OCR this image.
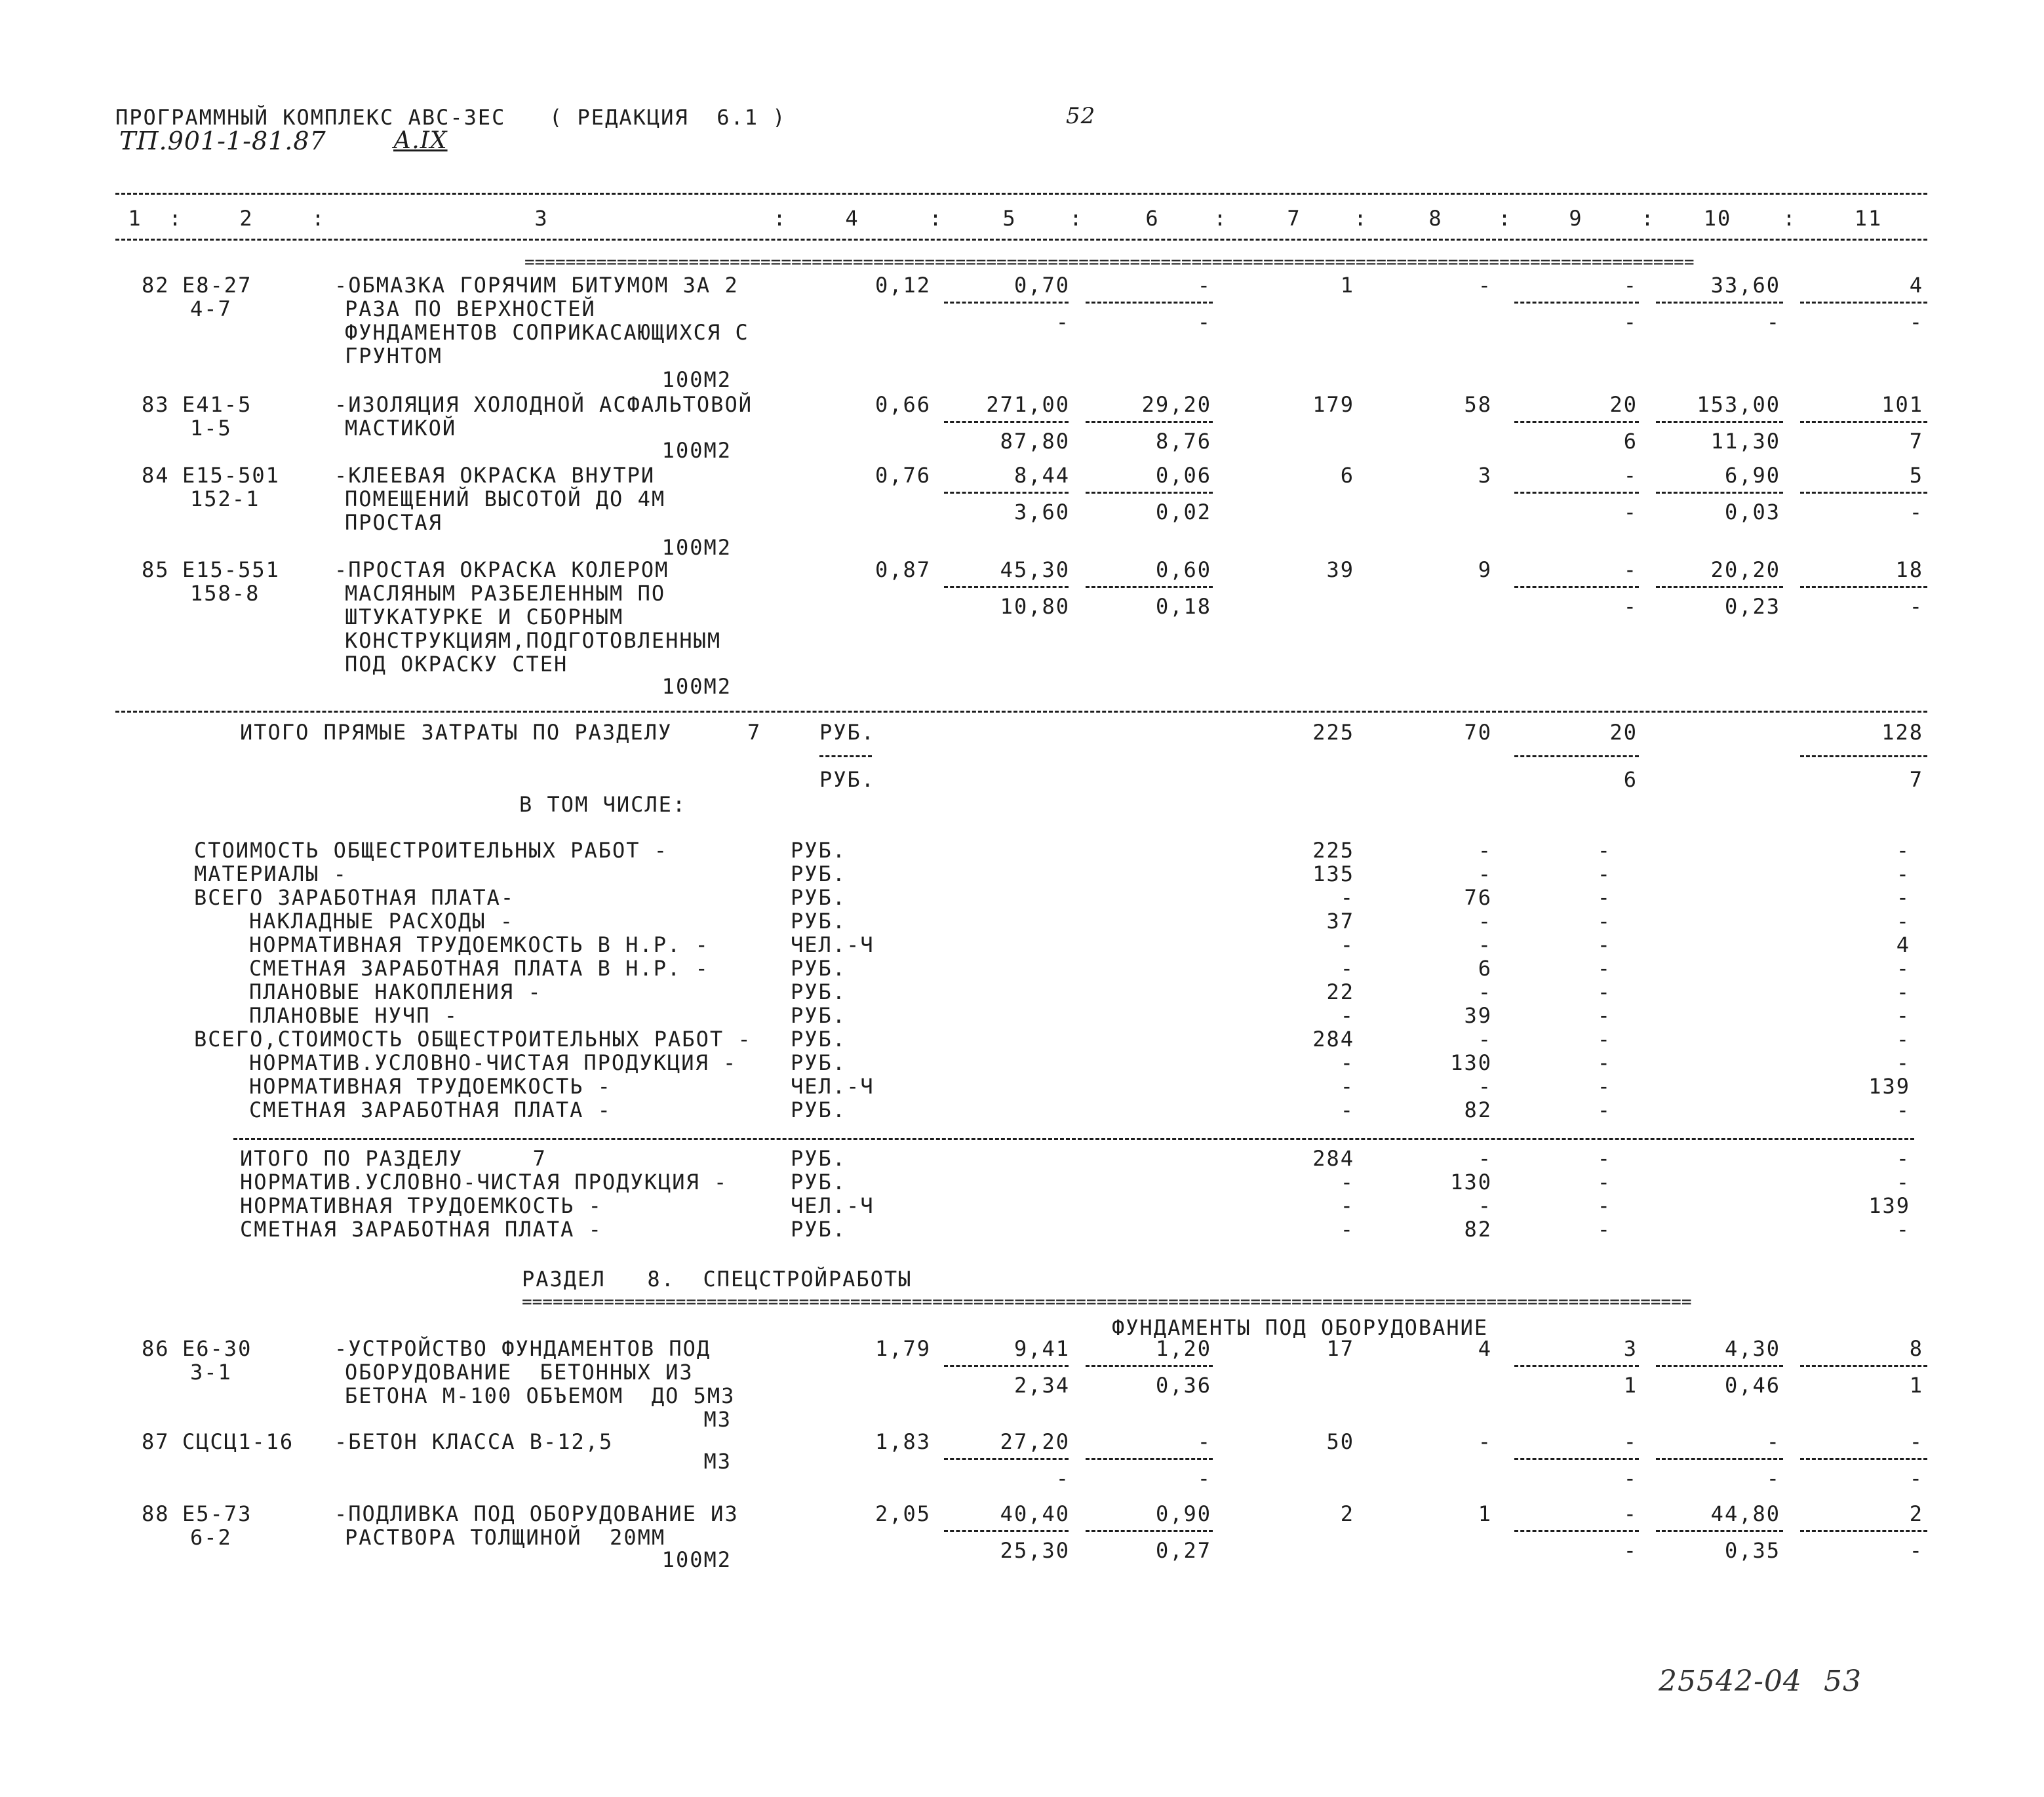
ПРОГРАММНЫЙ КОМПЛЕКС АВС-3ЕС ( РЕДАКЦИЯ  6.1 )	52
ТП.901-1-81.87	А.IX
1	:	2	:	3	:	4	:	5	:	6	:	7	:	8	:	9	:	10	:	11
==================================================================================================================
82 Е8-27
4-7
-ОБМАЗКА ГОРЯЧИМ БИТУМОМ ЗА 2
РАЗА ПО ВЕРХНОСТЕЙ
ФУНДАМЕНТОВ СОПРИКАСАЮЩИХСЯ С
ГРУНТОМ
0,12	0,70	-	1	-	-	33,60	4
-	-	-	-	-
100М2
83 Е41-5
1-5
-ИЗОЛЯЦИЯ ХОЛОДНОЙ АСФАЛЬТОВОЙ
МАСТИКОЙ
0,66	271,00	29,20	179	58	20	153,00	101
87,80	8,76	6	11,30	7
100М2
84 Е15-501
152-1
-КЛЕЕВАЯ ОКРАСКА ВНУТРИ
ПОМЕЩЕНИЙ ВЫСОТОЙ ДО 4М
ПРОСТАЯ
0,76	8,44	0,06	6	3	-	6,90	5
3,60	0,02	-	0,03	-
100М2
85 Е15-551
158-8
-ПРОСТАЯ ОКРАСКА КОЛЕРОМ
МАСЛЯНЫМ РАЗБЕЛЕННЫМ ПО
ШТУКАТУРКЕ И СБОРНЫМ
КОНСТРУКЦИЯМ,ПОДГОТОВЛЕННЫМ
ПОД ОКРАСКУ СТЕН
0,87	45,30	0,60	39	9	-	20,20	18
10,80	0,18	-	0,23	-
100М2
ИТОГО ПРЯМЫЕ ЗАТРАТЫ ПО РАЗДЕЛУ	7	РУБ.	225	70	20	128
РУБ.	6	7
В ТОМ ЧИСЛЕ:
СТОИМОСТЬ ОБЩЕСТРОИТЕЛЬНЫХ РАБОТ -	РУБ.	225	-	-	-
МАТЕРИАЛЫ -	РУБ.	135	-	-	-
ВСЕГО ЗАРАБОТНАЯ ПЛАТА-	РУБ.	-	76	-	-
НАКЛАДНЫЕ РАСХОДЫ -	РУБ.	37	-	-	-
НОРМАТИВНАЯ ТРУДОЕМКОСТЬ В Н.Р. -	ЧЕЛ.-Ч	-	-	-	4
СМЕТНАЯ ЗАРАБОТНАЯ ПЛАТА В Н.Р. -	РУБ.	-	6	-	-
ПЛАНОВЫЕ НАКОПЛЕНИЯ -	РУБ.	22	-	-	-
ПЛАНОВЫЕ НУЧП -	РУБ.	-	39	-	-
ВСЕГО,СТОИМОСТЬ ОБЩЕСТРОИТЕЛЬНЫХ РАБОТ - РУБ.	284	-	-	-
НОРМАТИВ.УСЛОВНО-ЧИСТАЯ ПРОДУКЦИЯ -	РУБ.	-	130	-	-
НОРМАТИВНАЯ ТРУДОЕМКОСТЬ -	ЧЕЛ.-Ч	-	-	-	139
СМЕТНАЯ ЗАРАБОТНАЯ ПЛАТА -	РУБ.	-	82	-	-
ИТОГО ПО РАЗДЕЛУ     7	РУБ.	284	-	-	-
НОРМАТИВ.УСЛОВНО-ЧИСТАЯ ПРОДУКЦИЯ -	РУБ.	-	130	-	-
НОРМАТИВНАЯ ТРУДОЕМКОСТЬ -	ЧЕЛ.-Ч	-	-	-	139
СМЕТНАЯ ЗАРАБОТНАЯ ПЛАТА -	РУБ.	-	82	-	-
86 Е6-30
3-1
-УСТРОЙСТВО ФУНДАМЕНТОВ ПОД
ОБОРУДОВАНИЕ  БЕТОННЫХ ИЗ
БЕТОНА М-100 ОБЪЕМОМ  ДО 5М3
1,79	9,41	1,20	17	4	3	4,30	8
2,34	0,36	1	0,46	1
М3
87 СЦСЦ1-16 -БЕТОН КЛАССА В-12,5	1,83	27,20	-	50	-	-	-	-
-	-	-	-	-
М3
88 Е5-73
6-2
-ПОДЛИВКА ПОД ОБОРУДОВАНИЕ ИЗ
РАСТВОРА ТОЛЩИНОЙ  20ММ
2,05	40,40	0,90	2	1	-	44,80	2
25,30	0,27	-	0,35	-
100М2
РАЗДЕЛ   8.  СПЕЦСТРОЙРАБОТЫ
==================================================================================================================
ФУНДАМЕНТЫ ПОД ОБОРУДОВАНИЕ
25542-04 53
